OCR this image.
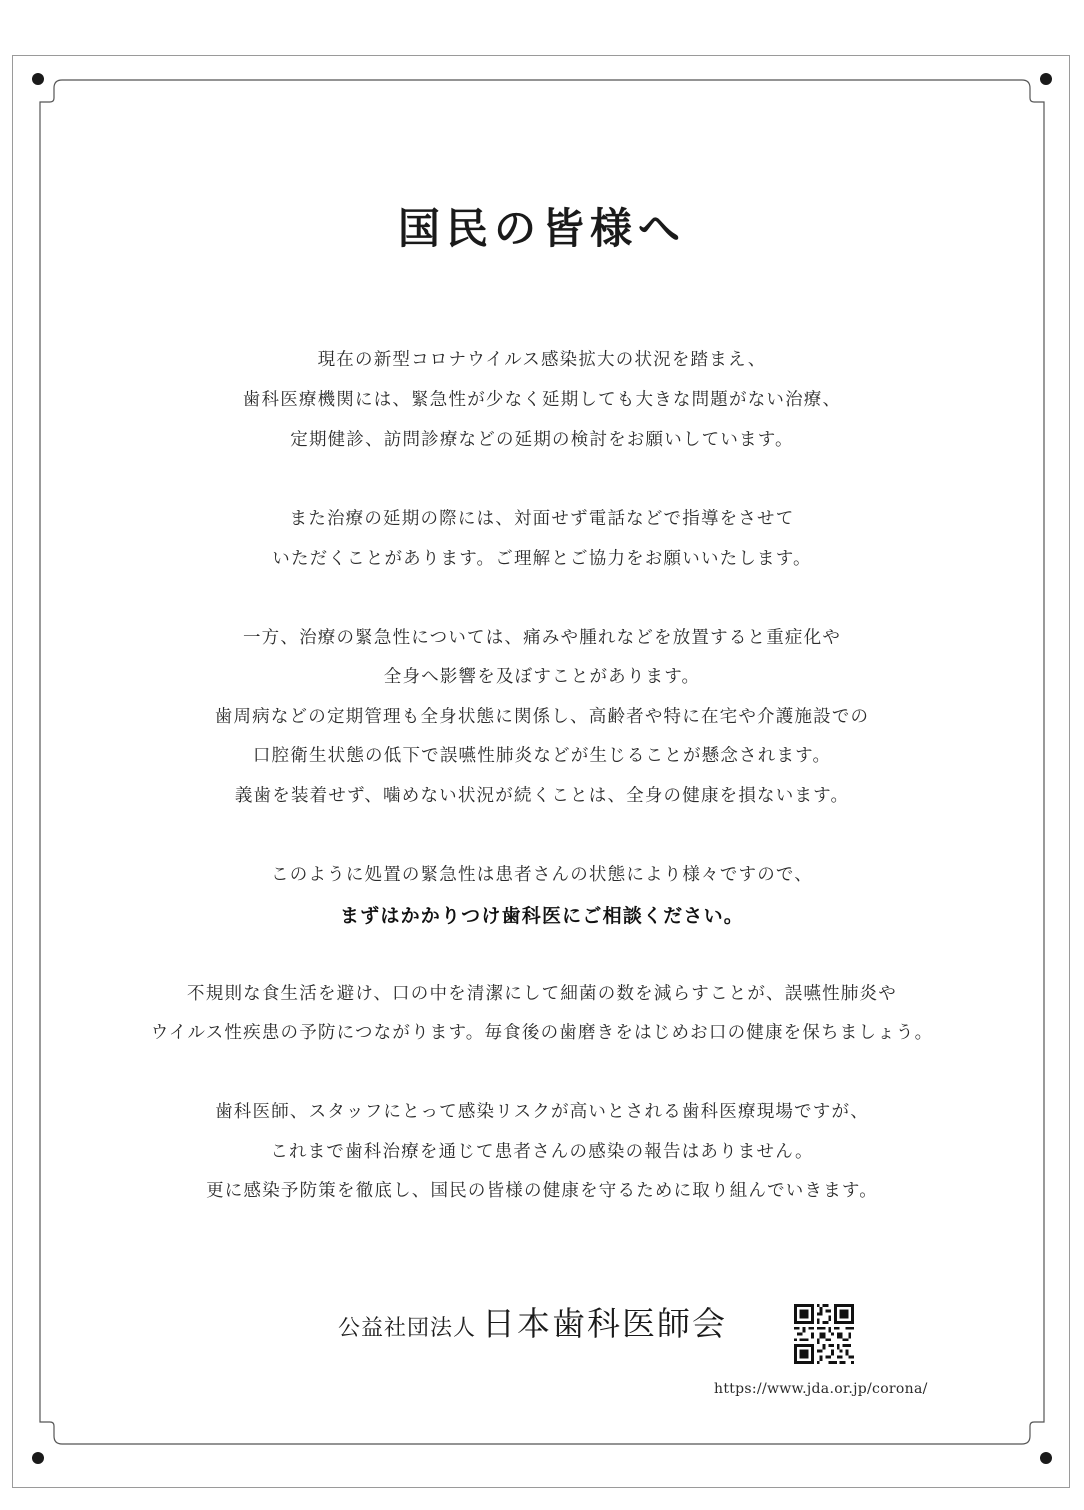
国民の皆様へ
現在の新型コロナウイルス感染拡大の状況を踏まえ、
歯科医療機関には、緊急性が少なく延期しても大きな問題がない治療、
定期健診、訪問診療などの延期の検討をお願いしています。
また治療の延期の際には、対面せず電話などで指導をさせて
いただくことがあります。ご理解とご協力をお願いいたします。
一方、治療の緊急性については、痛みや腫れなどを放置すると重症化や
全身へ影響を及ぼすことがあります。
歯周病などの定期管理も全身状態に関係し、高齢者や特に在宅や介護施設での
口腔衛生状態の低下で誤嚥性肺炎などが生じることが懸念されます。
義歯を装着せず、噛めない状況が続くことは、全身の健康を損ないます。
このように処置の緊急性は患者さんの状態により様々ですので、
まずはかかりつけ歯科医にご相談ください。
不規則な食生活を避け、口の中を清潔にして細菌の数を減らすことが、誤嚥性肺炎や
ウイルス性疾患の予防につながります。毎食後の歯磨きをはじめお口の健康を保ちましょう。
歯科医師、スタッフにとって感染リスクが高いとされる歯科医療現場ですが、
これまで歯科治療を通じて患者さんの感染の報告はありません。
更に感染予防策を徹底し、国民の皆様の健康を守るために取り組んでいきます。
公益社団法人 日本歯科医師会
https://www.jda.or.jp/corona/
